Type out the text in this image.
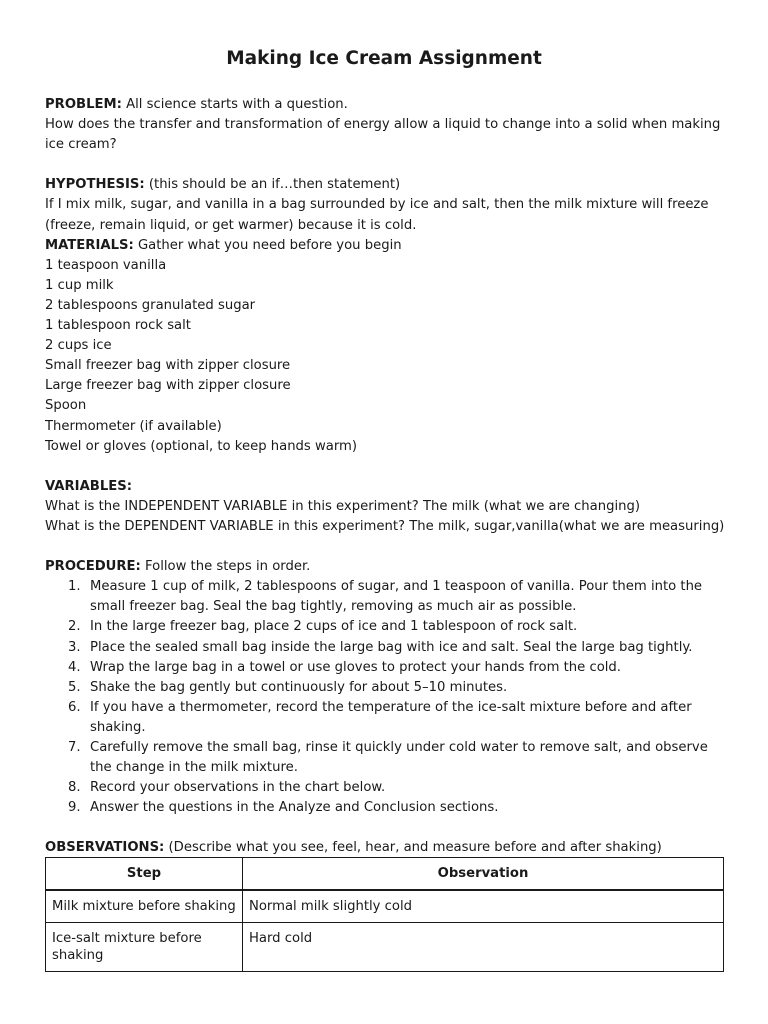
Making Ice Cream Assignment

PROBLEM: All science starts with a question.

How does the transfer and transformation of energy allow a liquid to change into a solid when making ice cream?

HYPOTHESIS: (this should be an if…then statement)

If I mix milk, sugar, and vanilla in a bag surrounded by ice and salt, then the milk mixture will freeze (freeze, remain liquid, or get warmer) because it is cold.

MATERIALS: Gather what you need before you begin

1 teaspoon vanilla

1 cup milk

2 tablespoons granulated sugar

1 tablespoon rock salt

2 cups ice

Small freezer bag with zipper closure

Large freezer bag with zipper closure

Spoon

Thermometer (if available)

Towel or gloves (optional, to keep hands warm)

VARIABLES:

What is the INDEPENDENT VARIABLE in this experiment? The milk (what we are changing)

What is the DEPENDENT VARIABLE in this experiment? The milk, sugar,vanilla(what we are measuring)

PROCEDURE: Follow the steps in order.

1. Measure 1 cup of milk, 2 tablespoons of sugar, and 1 teaspoon of vanilla. Pour them into the
small freezer bag. Seal the bag tightly, removing as much air as possible.
2. In the large freezer bag, place 2 cups of ice and 1 tablespoon of rock salt.
3. Place the sealed small bag inside the large bag with ice and salt. Seal the large bag tightly.
4. Wrap the large bag in a towel or use gloves to protect your hands from the cold.
5. Shake the bag gently but continuously for about 5–10 minutes.
6. If you have a thermometer, record the temperature of the ice-salt mixture before and after
shaking.
7. Carefully remove the small bag, rinse it quickly under cold water to remove salt, and observe
the change in the milk mixture.
8. Record your observations in the chart below.
9. Answer the questions in the Analyze and Conclusion sections.

OBSERVATIONS: (Describe what you see, feel, hear, and measure before and after shaking)

Step	Observation
Milk mixture before shaking	Normal milk slightly cold
Ice-salt mixture before shaking	Hard cold
